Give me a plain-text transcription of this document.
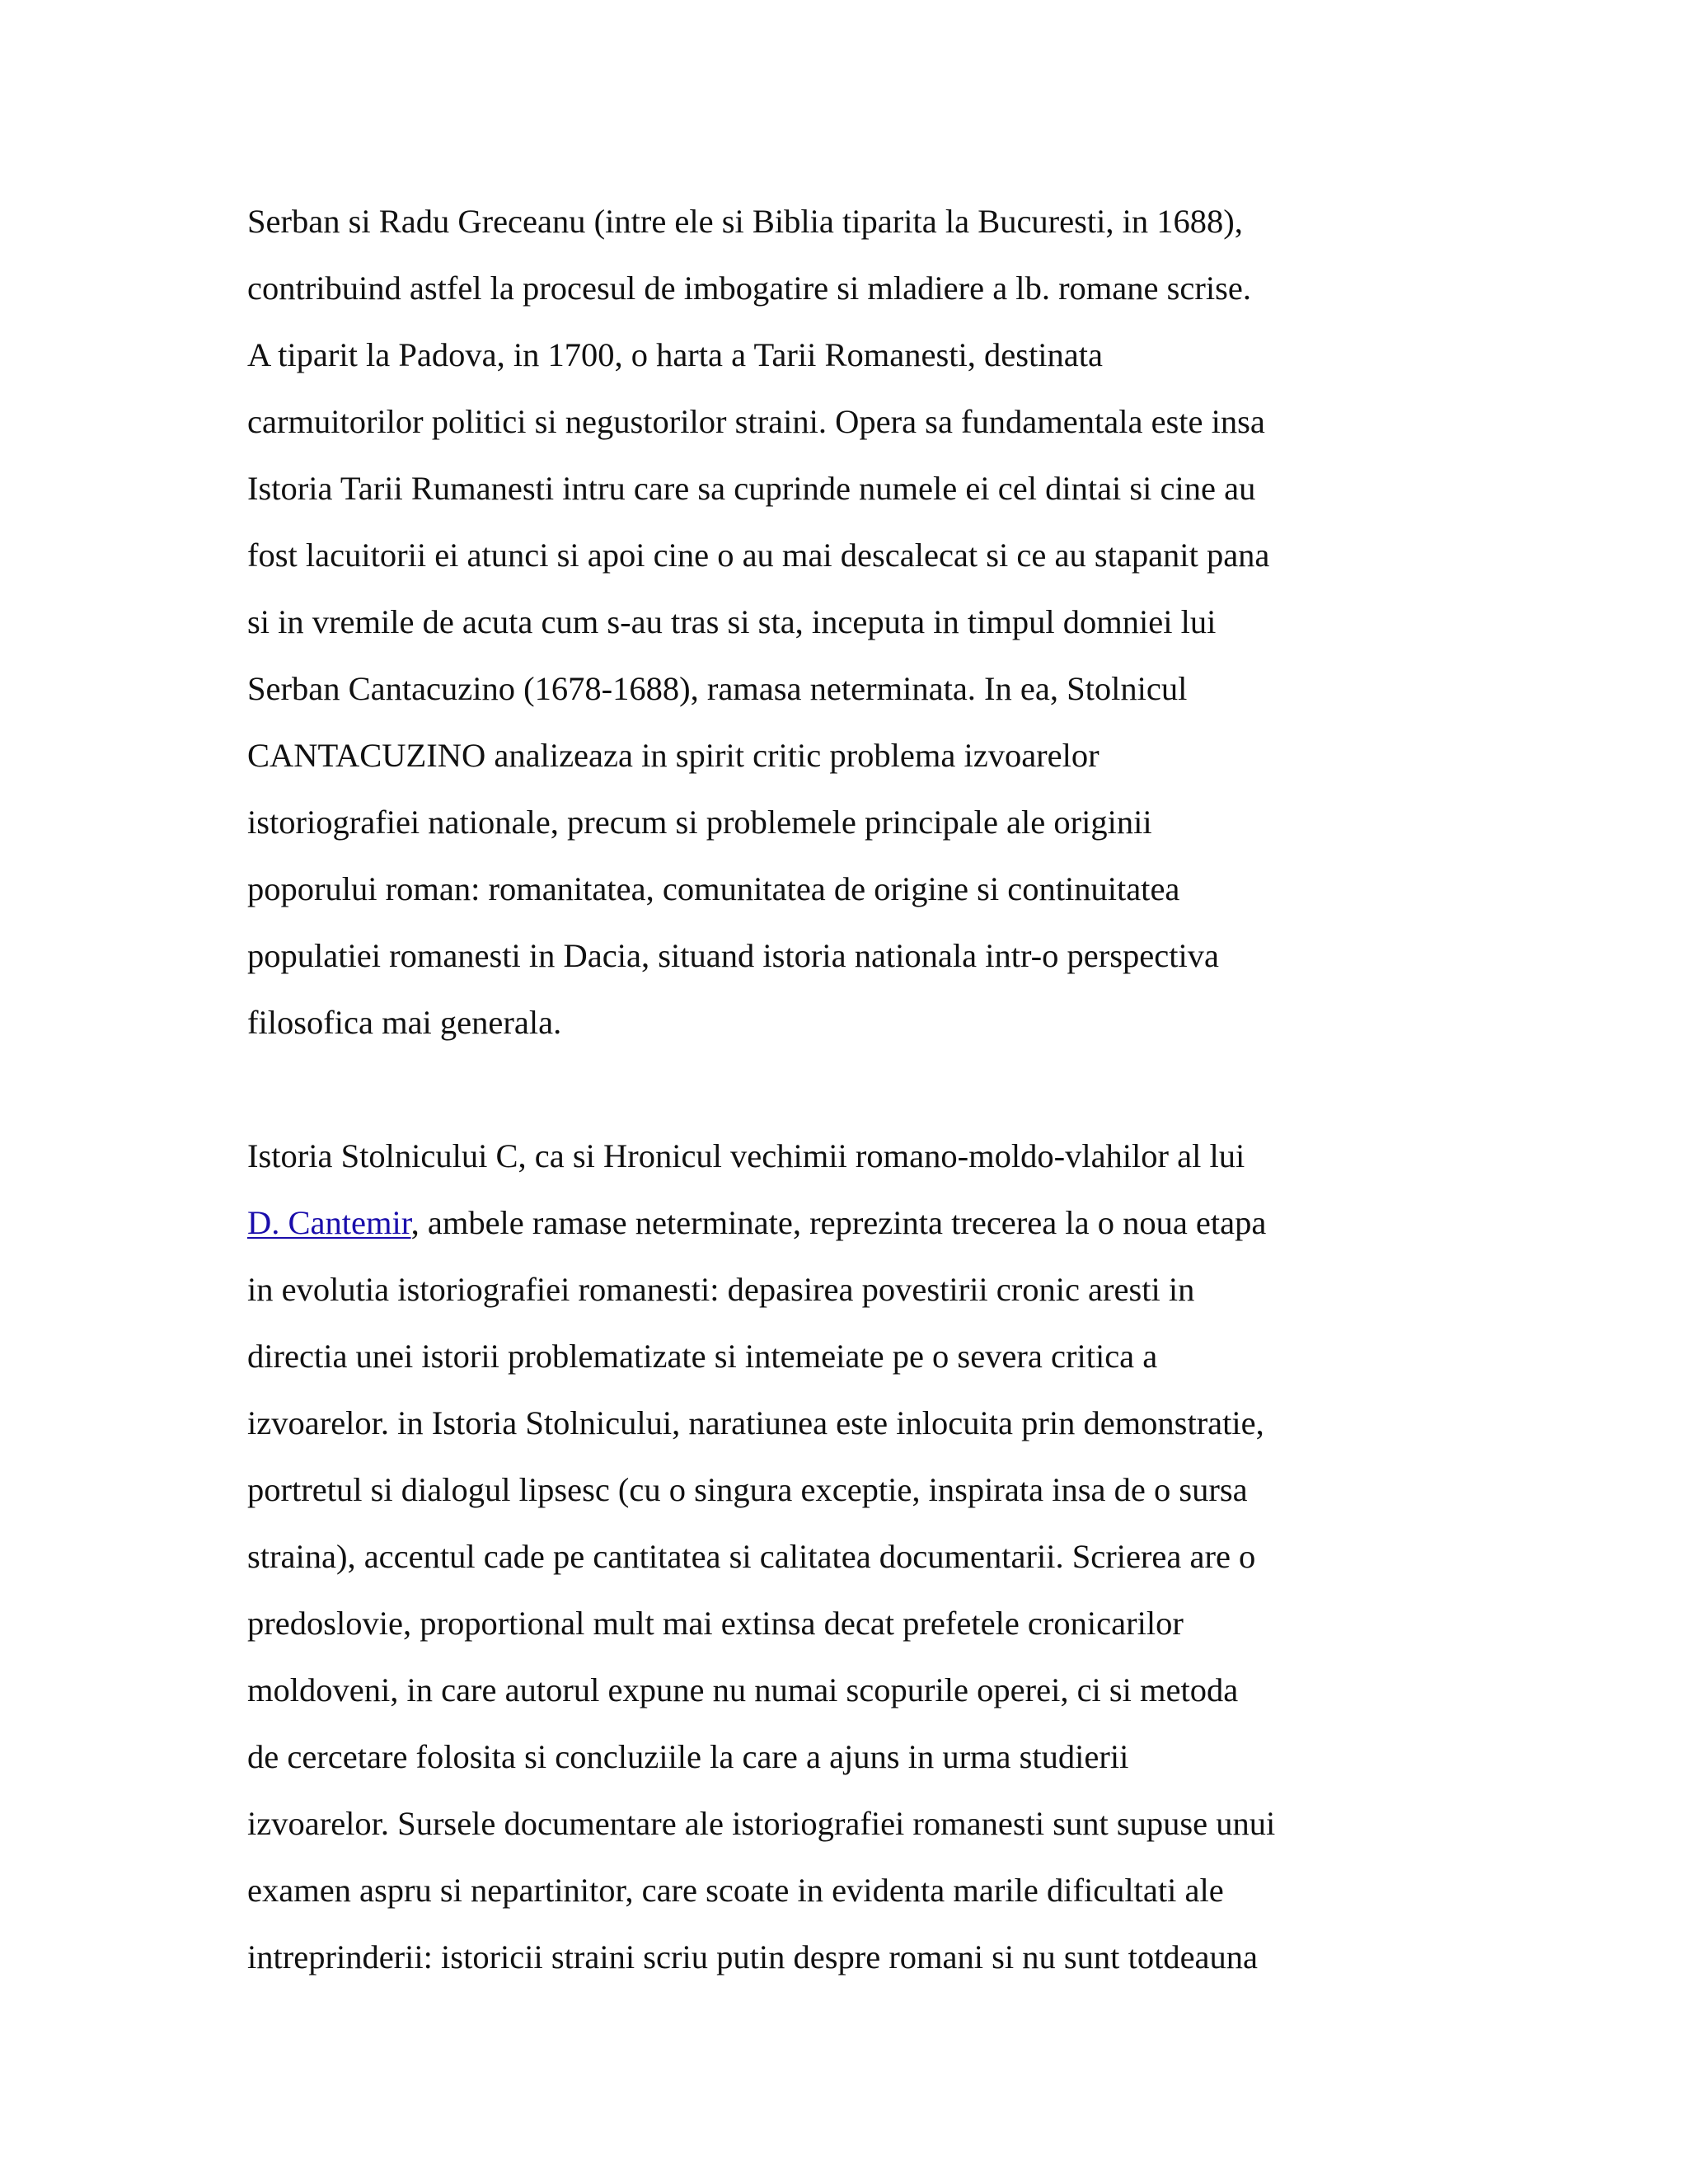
Serban si Radu Greceanu (intre ele si Biblia tiparita la Bucuresti, in 1688),
contribuind astfel la procesul de imbogatire si mladiere a lb. romane scrise.
A tiparit la Padova, in 1700, o harta a Tarii Romanesti, destinata
carmuitorilor politici si negustorilor straini. Opera sa fundamentala este insa
Istoria Tarii Rumanesti intru care sa cuprinde numele ei cel dintai si cine au
fost lacuitorii ei atunci si apoi cine o au mai descalecat si ce au stapanit pana
si in vremile de acuta cum s-au tras si sta, inceputa in timpul domniei lui
Serban Cantacuzino (1678-1688), ramasa neterminata. In ea, Stolnicul
CANTACUZINO analizeaza in spirit critic problema izvoarelor
istoriografiei nationale, precum si problemele principale ale originii
poporului roman: romanitatea, comunitatea de origine si continuitatea
populatiei romanesti in Dacia, situand istoria nationala intr-o perspectiva
filosofica mai generala.
Istoria Stolnicului C, ca si Hronicul vechimii romano-moldo-vlahilor al lui
D. Cantemir, ambele ramase neterminate, reprezinta trecerea la o noua etapa
in evolutia istoriografiei romanesti: depasirea povestirii cronic aresti in
directia unei istorii problematizate si intemeiate pe o severa critica a
izvoarelor. in Istoria Stolnicului, naratiunea este inlocuita prin demonstratie,
portretul si dialogul lipsesc (cu o singura exceptie, inspirata insa de o sursa
straina), accentul cade pe cantitatea si calitatea documentarii. Scrierea are o
predoslovie, proportional mult mai extinsa decat prefetele cronicarilor
moldoveni, in care autorul expune nu numai scopurile operei, ci si metoda
de cercetare folosita si concluziile la care a ajuns in urma studierii
izvoarelor. Sursele documentare ale istoriografiei romanesti sunt supuse unui
examen aspru si nepartinitor, care scoate in evidenta marile dificultati ale
intreprinderii: istoricii straini scriu putin despre romani si nu sunt totdeauna
